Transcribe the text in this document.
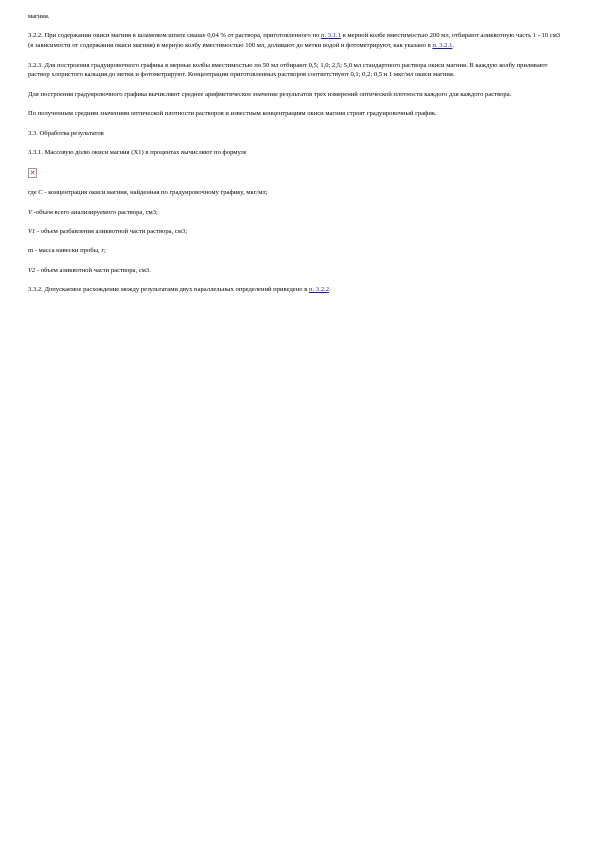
магния.

3.2.2. При содержании окиси магния в шламовом шпате свыше 0,04 % от раствора, приготовленного по п. 3.1.1 в мерной колбе вместимостью 200 мл, отбирают аликвотную часть 1 - 10 см3 (в зависимости от содержания окиси магния) в мерную колбу вместимостью 100 мл, доливают до метки водой и фотометрируют, как указано в п. 3.2.1.

3.2.3. Для построения градуировочного графика в мерные колбы вместимостью по 50 мл отбирают 0,5; 1,0; 2,5; 5,0 мл стандартного раствора окиси магния. В каждую колбу приливают раствор хлористого кальция до метки и фотометрируют. Концентрации приготовленных растворов соответствуют 0,1; 0,2; 0,5 и 1 мкг/мл окиси магния.

Для построения градуировочного графика вычисляют среднее арифметическое значение результатов трех измерений оптической плотности каждого для каждого раствора.

По полученным средним значениям оптической плотности растворов и известным концентрациям окиси магния строят градуировочный график.

3.3. Обработка результатов

3.3.1. Массовую долю окиси магния (Х1) в процентах вычисляют по формуле

✕

где С - концентрация окиси магния, найденная по градуировочному графику, мкг/мл;

V -объем всего анализируемого раствора, см3;

V1 - объем разбавления аликвотной части раствора, см3;

m - масса навески пробы, г;

V2 - объем аликвотной части раствора, см3.

3.3.2. Допускаемое расхождение между результатами двух параллельных определений приведено в п. 3.2.2.
